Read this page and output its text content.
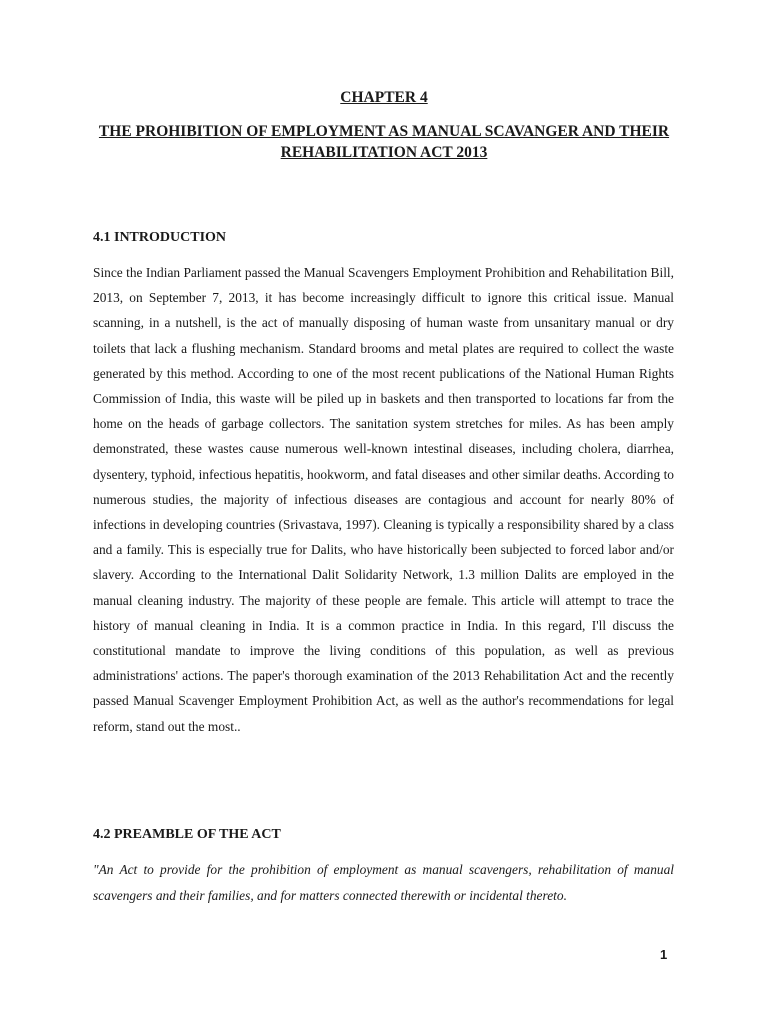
CHAPTER 4
THE PROHIBITION OF EMPLOYMENT AS MANUAL SCAVANGER AND THEIR REHABILITATION ACT 2013
4.1 INTRODUCTION

Since the Indian Parliament passed the Manual Scavengers Employment Prohibition and Rehabilitation Bill, 2013, on September 7, 2013, it has become increasingly difficult to ignore this critical issue. Manual scanning, in a nutshell, is the act of manually disposing of human waste from unsanitary manual or dry toilets that lack a flushing mechanism. Standard brooms and metal plates are required to collect the waste generated by this method. According to one of the most recent publications of the National Human Rights Commission of India, this waste will be piled up in baskets and then transported to locations far from the home on the heads of garbage collectors. The sanitation system stretches for miles. As has been amply demonstrated, these wastes cause numerous well-known intestinal diseases, including cholera, diarrhea, dysentery, typhoid, infectious hepatitis, hookworm, and fatal diseases and other similar deaths. According to numerous studies, the majority of infectious diseases are contagious and account for nearly 80% of infections in developing countries (Srivastava, 1997). Cleaning is typically a responsibility shared by a class and a family. This is especially true for Dalits, who have historically been subjected to forced labor and/or slavery. According to the International Dalit Solidarity Network, 1.3 million Dalits are employed in the manual cleaning industry. The majority of these people are female. This article will attempt to trace the history of manual cleaning in India. It is a common practice in India. In this regard, I'll discuss the constitutional mandate to improve the living conditions of this population, as well as previous administrations' actions. The paper's thorough examination of the 2013 Rehabilitation Act and the recently passed Manual Scavenger Employment Prohibition Act, as well as the author's recommendations for legal reform, stand out the most..

4.2 PREAMBLE OF THE ACT

"An Act to provide for the prohibition of employment as manual scavengers, rehabilitation of manual scavengers and their families, and for matters connected therewith or incidental thereto.

1
